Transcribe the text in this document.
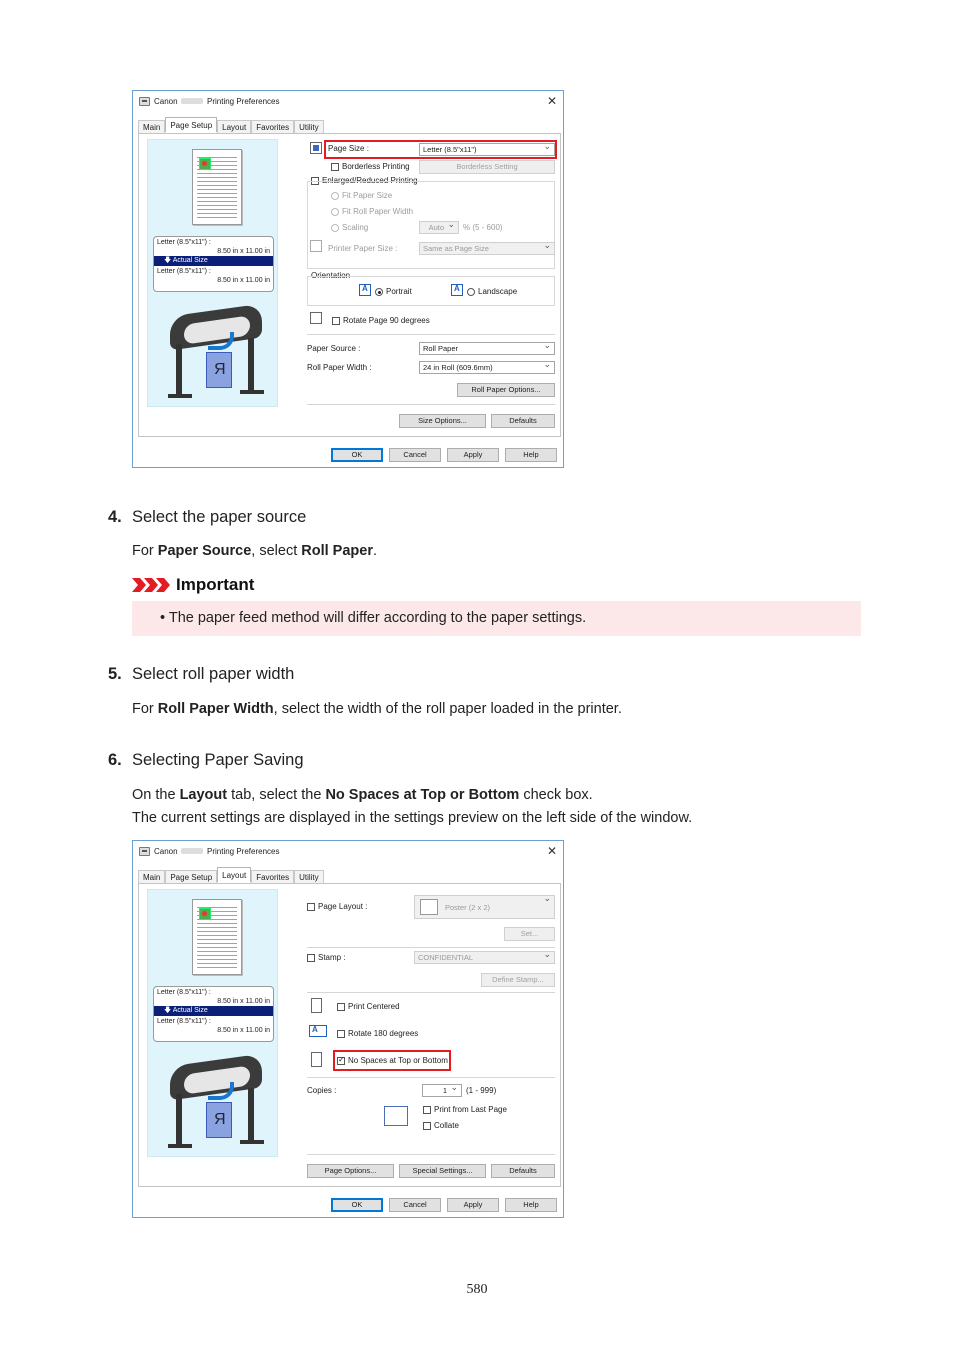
Canon	Printing Preferences	✕
Main	Page Setup	Layout	Favorites	Utility
Letter (8.5"x11") :
8.50 in x 11.00 in
🡇 Actual Size
Letter (8.5"x11") :
8.50 in x 11.00 in
R
Page Size :	Letter (8.5"x11") ⌄
Borderless Printing	Borderless Setting
Enlarged/Reduced Printing
Fit Paper Size
Fit Roll Paper Width
Scaling	Auto ⌄	% (5 - 600)
Printer Paper Size :	Same as Page Size ⌄
Orientation
A
Portrait
A	Landscape
Rotate Page 90 degrees
Paper Source :	Roll Paper ⌄
Roll Paper Width :	24 in Roll (609.6mm) ⌄
Roll Paper Options...
Size Options...	Defaults
OK	Cancel	Apply	Help
4. Select the paper source
For Paper Source, select Roll Paper.
Important
• The paper feed method will differ according to the paper settings.
5. Select roll paper width
For Roll Paper Width, select the width of the roll paper loaded in the printer.
6. Selecting Paper Saving
On the Layout tab, select the No Spaces at Top or Bottom check box.
The current settings are displayed in the settings preview on the left side of the window.
Canon	Printing Preferences	✕
Main	Page Setup	Layout	Favorites	Utility
Letter (8.5"x11") :
8.50 in x 11.00 in
🡇 Actual Size
Letter (8.5"x11") :
8.50 in x 11.00 in
R
Page Layout :	Poster (2 x 2) ⌄
Set...
Stamp :	CONFIDENTIAL ⌄
Define Stamp...
Print Centered
A
Rotate 180 degrees
✓
No Spaces at Top or Bottom
Copies :	1 ⌄	(1 - 999)
Print from Last Page
Collate
Page Options...	Special Settings...	Defaults
OK	Cancel	Apply	Help
580
